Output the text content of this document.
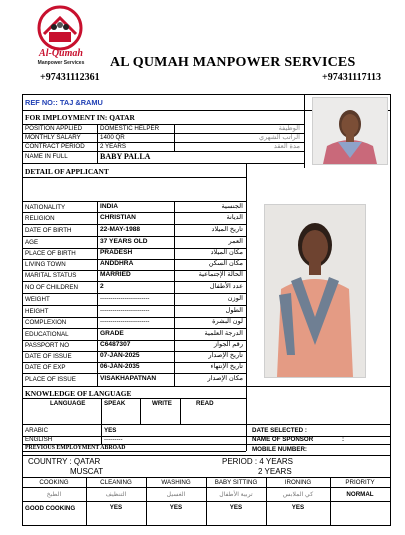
Al-Qumah
Manpower Services	AL QUMAH MANPOWER SERVICES
+97431112361	+97431117113
REF NO:: TAJ &RAMU
FOR IMPLOYMENT IN: QATAR
POSITION APPLIED	DOMESTIC HELPER	الوظيفة
MONTHLY SALARY	1400 QR	الراتب الشهري
CONTRACT PERIOD 2 YEARS	مدة العقد
NAME IN FULL	BABY PALLA
DETAIL OF APPLICANT
NATIONALITY	INDIA	الجنسية
RELIGION	CHRISTIAN	الديانة
DATE OF BIRTH	22-MAY-1988	تاريخ الميلاد
AGE	37 YEARS OLD	العمر
PLACE OF BIRTH	PRADESH	مكان الميلاد
LIVING TOWN	ANDDHRA	مكان السكن
MARITAL STATUS	MARRIED	الحالة الإجتماعية
NO OF CHILDREN	2	عدد الأطفال
WEIGHT	------------------------	الوزن
HEIGHT	------------------------	الطول
COMPLEXION	------------------------	لون البشرة
EDUCATIONAL	GRADE	الدرجة العلمية
PASSPORT NO	C6487307	رقم الجواز
DATE OF ISSUE	07-JAN-2025	تاريخ الإصدار
DATE OF EXP	06-JAN-2035	تاريخ الإنتهاء
PLACE OF ISSUE	VISAKHAPATNAN	مكان الإصدار
KNOWLEDGE OF LANGUAGE
LANGUAGE	SPEAK	WRITE	READ
ARABIC	YES
ENGLISH	---------
DATE SELECTED :
NAME OF SPONSOR	:
MOBILE NUMBER:
PREVIOUS EMPLOYMENT ABROAD
COUNTRY : QATAR
MUSCAT
PERIOD : 4 YEARS
2 YEARS
COOKING	CLEANING	WASHING	BABY SITTING	IRONING	PRIORITY
الطبخ	التنظيف	الغسيل	تربية الأطفال	كي الملابس	NORMAL
GOOD COOKING	YES	YES	YES	YES
